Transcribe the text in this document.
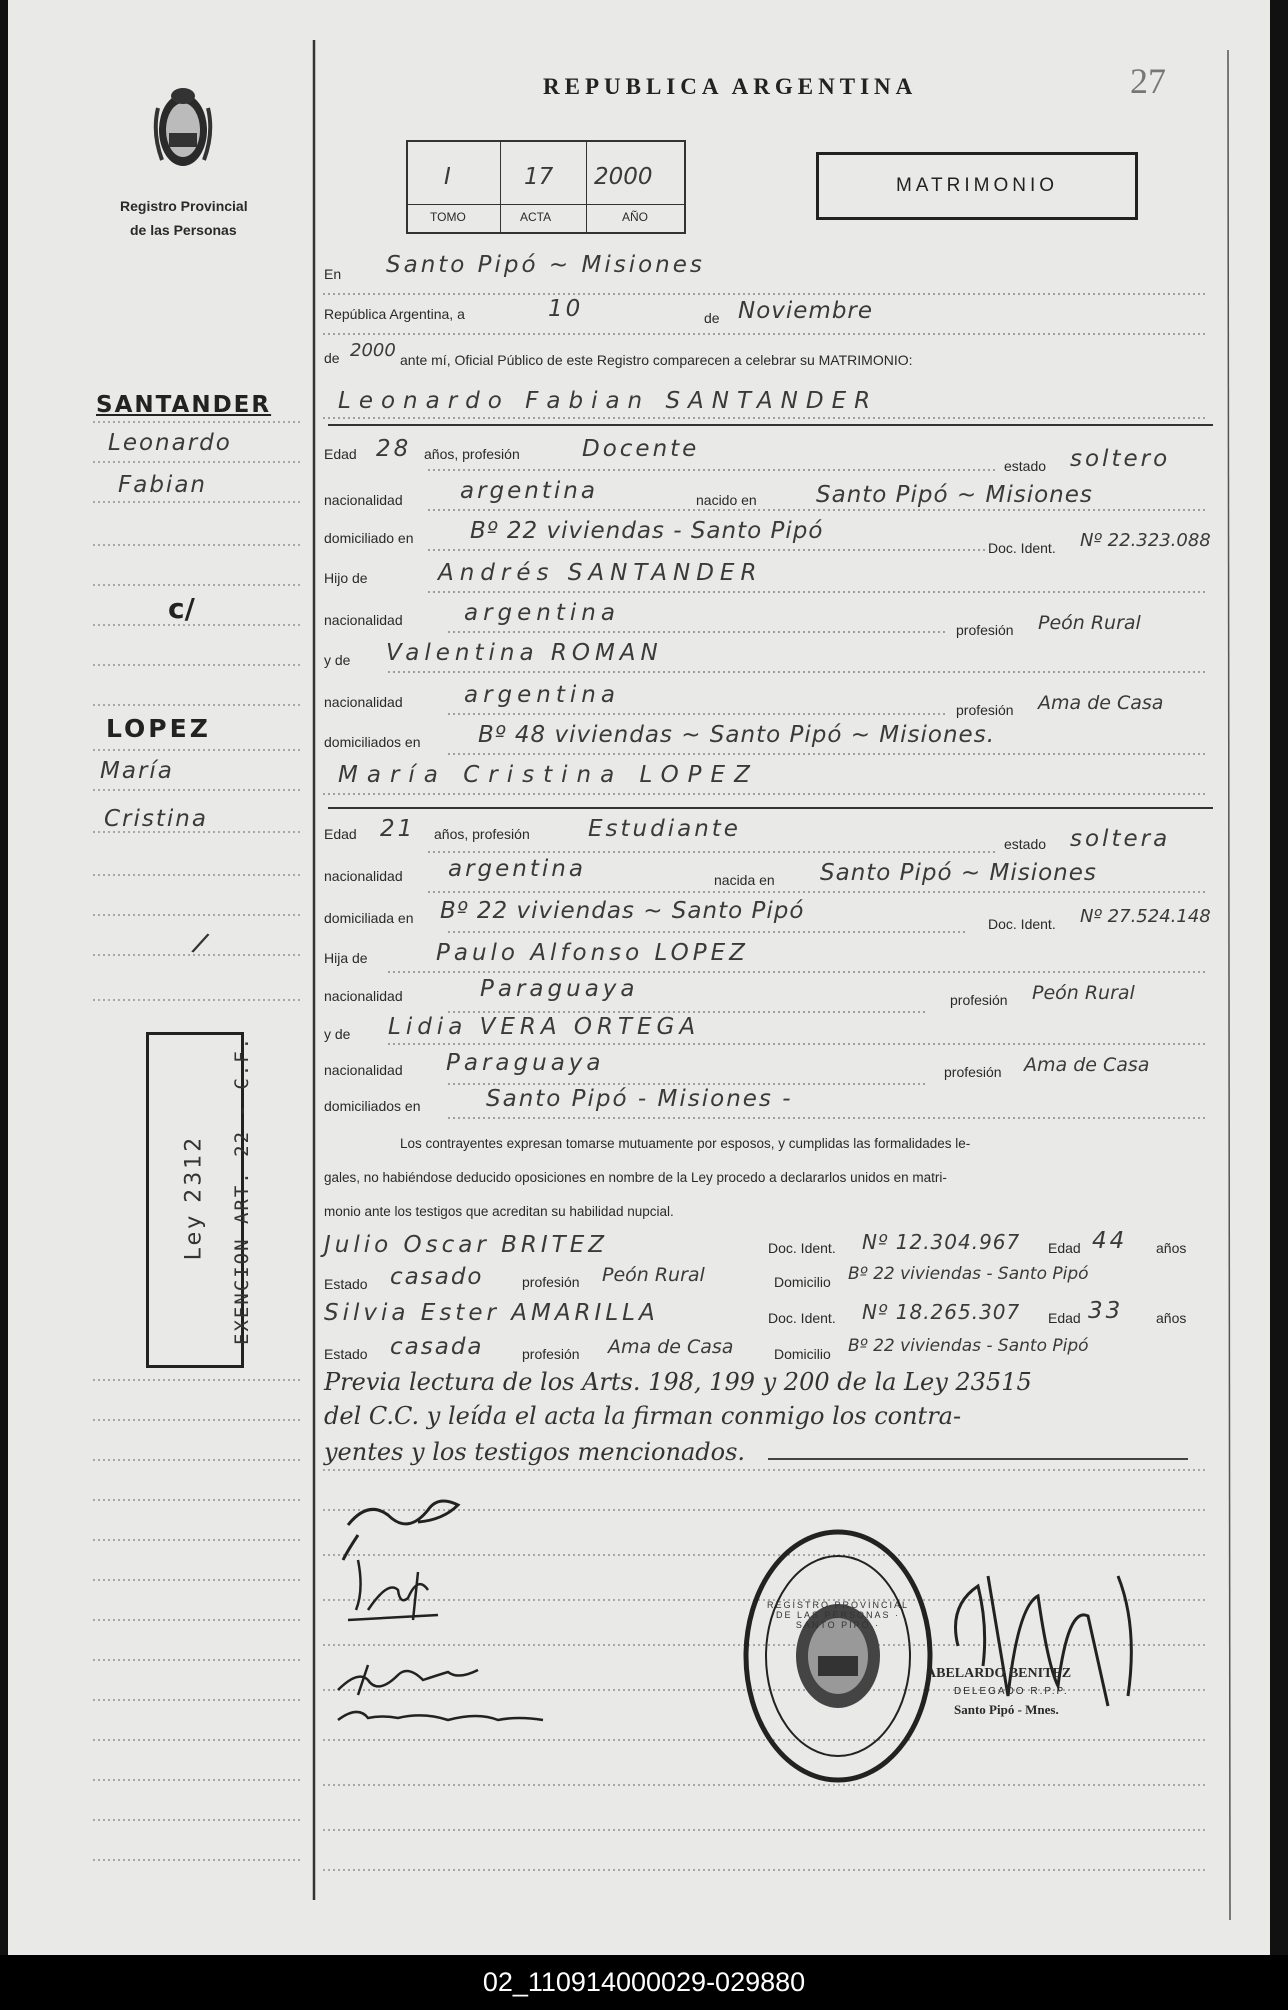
Registro Provincial
de las Personas
REPUBLICA ARGENTINA	27
I	17 2000
TOMO	ACTA	AÑO
MATRIMONIO
En Santo Pipó ~ Misiones
República Argentina, a	10	de Noviembre
de 2000 ante mí, Oficial Público de este Registro comparecen a celebrar su MATRIMONIO:
Leonardo Fabian SANTANDER
Edad 28 años, profesión	Docente
estado soltero
nacionalidad argentina	nacido en	Santo Pipó ~ Misiones
domiciliado en Bº 22 viviendas - Santo Pipó
Doc. Ident. Nº 22.323.088
Hijo de	Andrés SANTANDER
nacionalidad	argentina
profesión Peón Rural
y de Valentina ROMAN
nacionalidad	argentina
profesión Ama de Casa
domiciliados en	Bº 48 viviendas ~ Santo Pipó ~ Misiones.
María Cristina LOPEZ
Edad 21 años, profesión	Estudiante
estado soltera
nacionalidad argentina	nacida en Santo Pipó ~ Misiones
domiciliada en Bº 22 viviendas ~ Santo Pipó	Doc. Ident. Nº 27.524.148
Hija de	Paulo Alfonso LOPEZ
nacionalidad	Paraguaya	profesión Peón Rural
y de Lidia VERA ORTEGA
nacionalidad Paraguaya	profesión Ama de Casa
domiciliados en	Santo Pipó - Misiones -
Los contrayentes expresan tomarse mutuamente por esposos, y cumplidas las formalidades le-
gales, no habiéndose deducido oposiciones en nombre de la Ley procedo a declararlos unidos en matri-
monio ante los testigos que acreditan su habilidad nupcial.
Julio Oscar BRITEZ	Doc. Ident. Nº 12.304.967 Edad 44 años
Estado casado	profesión Peón Rural	Domicilio Bº 22 viviendas - Santo Pipó
Silvia Ester AMARILLA	Doc. Ident. Nº 18.265.307 Edad 33 años
Estado casada	profesión Ama de Casa	Domicilio Bº 22 viviendas - Santo Pipó
Previa lectura de los Arts. 198, 199 y 200 de la Ley 23515
del C.C. y leída el acta la firman conmigo los contra-
yentes y los testigos mencionados.
REGISTRO PROVINCIAL DE LAS PERSONAS · SANTO PIPÓ ·
ABELARDO BENITEZ
DELEGADO R.P.P.
Santo Pipó - Mnes.
SANTANDER
Leonardo
Fabian
c/
LOPEZ
María
Cristina
/
Ley 2312 EXENCION ART. 22 - C.F.
02_110914000029-029880
